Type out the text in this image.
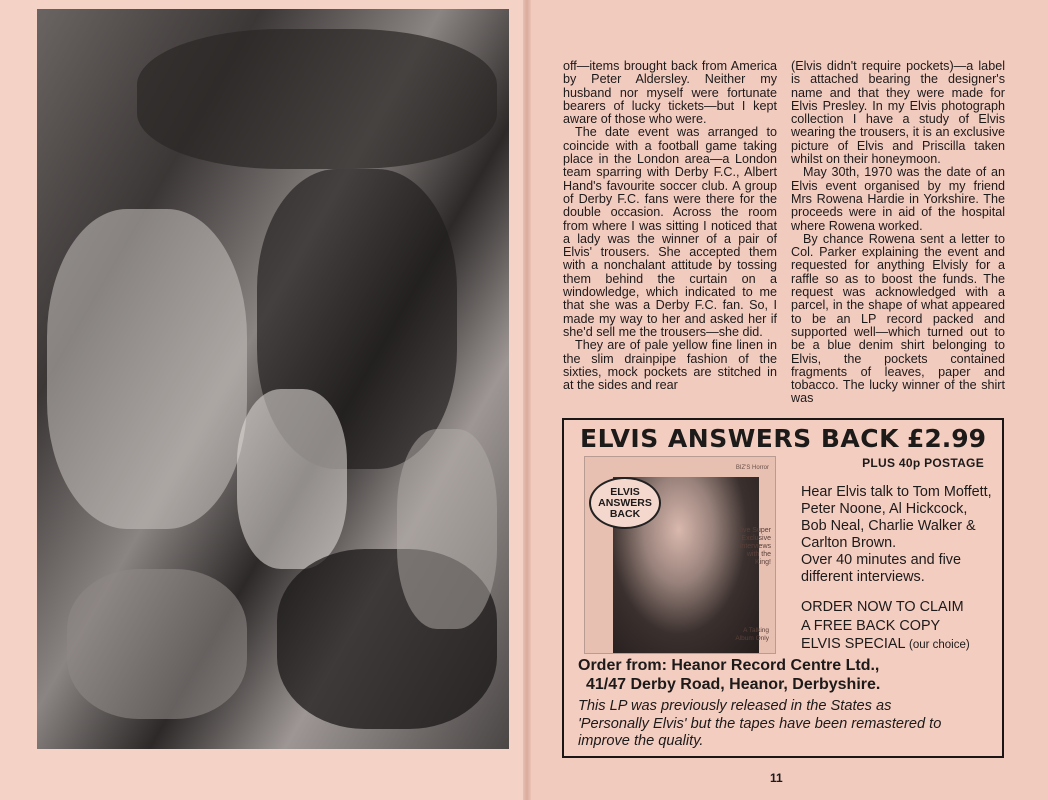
off—items brought back from America by Peter Aldersley. Neither my husband nor myself were fortunate bearers of lucky tickets—but I kept aware of those who were.

The date event was arranged to coincide with a football game taking place in the London area—a London team sparring with Derby F.C., Albert Hand's favourite soccer club. A group of Derby F.C. fans were there for the double occasion. Across the room from where I was sitting I noticed that a lady was the winner of a pair of Elvis' trousers. She accepted them with a nonchalant attitude by tossing them behind the curtain on a windowledge, which indicated to me that she was a Derby F.C. fan. So, I made my way to her and asked her if she'd sell me the trousers—she did.

They are of pale yellow fine linen in the slim drainpipe fashion of the sixties, mock pockets are stitched in at the sides and rear

(Elvis didn't require pockets)—a label is attached bearing the designer's name and that they were made for Elvis Presley. In my Elvis photograph collection I have a study of Elvis wearing the trousers, it is an exclusive picture of Elvis and Priscilla taken whilst on their honeymoon.

May 30th, 1970 was the date of an Elvis event organised by my friend Mrs Rowena Hardie in Yorkshire. The proceeds were in aid of the hospital where Rowena worked.

By chance Rowena sent a letter to Col. Parker explaining the event and requested for anything Elvisly for a raffle so as to boost the funds. The request was acknowledged with a parcel, in the shape of what appeared to be an LP record packed and supported well—which turned out to be a blue denim shirt belonging to Elvis, the pockets contained fragments of leaves, paper and tobacco. The lucky winner of the shirt was

ELVIS ANSWERS BACK £2.99
PLUS 40p POSTAGE
BIZ'S Horror
ELVIS
ANSWERS
BACK
Five Super Exclusive Interviews with the King!
A Talking Album Only

Hear Elvis talk to Tom Moffett, Peter Noone, Al Hickcock, Bob Neal, Charlie Walker & Carlton Brown.

Over 40 minutes and five different interviews.

ORDER NOW TO CLAIM
A FREE BACK COPY
ELVIS SPECIAL (our choice)
Order from: Heanor Record Centre Ltd.,
41/47 Derby Road, Heanor, Derbyshire.
This LP was previously released in the States as 'Personally Elvis' but the tapes have been remastered to improve the quality.
11
